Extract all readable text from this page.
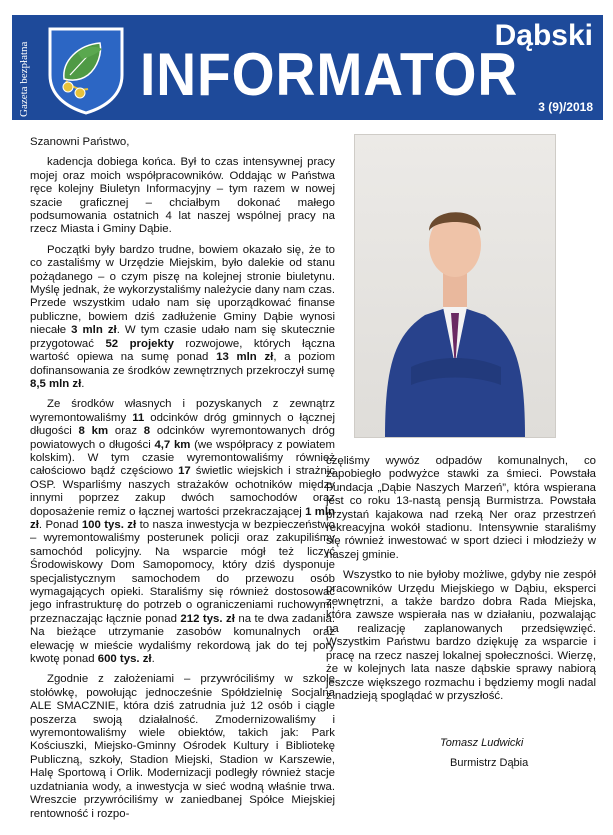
Gazeta bezpłatna
Dąbski
INFORMATOR 3 (9)/2018

Szanowni Państwo,

kadencja dobiega końca. Był to czas intensywnej pracy mojej oraz moich współpracowników. Oddając w Państwa ręce kolejny Biuletyn Informacyjny – tym razem w nowej szacie graficznej – chciałbym dokonać małego podsumowania ostatnich 4 lat naszej wspólnej pracy na rzecz Miasta i Gminy Dąbie.

Początki były bardzo trudne, bowiem okazało się, że to co zastaliśmy w Urzędzie Miejskim, było dalekie od stanu pożądanego – o czym piszę na kolejnej stronie biuletynu. Myślę jednak, że wykorzystaliśmy należycie dany nam czas. Przede wszystkim udało nam się uporządkować finanse publiczne, bowiem dziś zadłużenie Gminy Dąbie wynosi niecałe 3 mln zł. W tym czasie udało nam się skutecznie przygotować 52 projekty rozwojowe, których łączna wartość opiewa na sumę ponad 13 mln zł, a poziom dofinansowania ze środków zewnętrznych przekroczył sumę 8,5 mln zł.

Ze środków własnych i pozyskanych z zewnątrz wyremontowaliśmy 11 odcinków dróg gminnych o łącznej długości 8 km oraz 8 odcinków wyremontowanych dróg powiatowych o długości 4,7 km (we współpracy z powiatem kolskim). W tym czasie wyremontowaliśmy również całościowo bądź częściowo 17 świetlic wiejskich i strażnic OSP. Wsparliśmy naszych strażaków ochotników między innymi poprzez zakup dwóch samochodów oraz doposażenie remiz o łącznej wartości przekraczającej 1 mln zł. Ponad 100 tys. zł to nasza inwestycja w bezpieczeństwo – wyremontowaliśmy posterunek policji oraz zakupiliśmy samochód policyjny. Na wsparcie mógł też liczyć Środowiskowy Dom Samopomocy, który dziś dysponuje specjalistycznym samochodem do przewozu osób wymagających opieki. Staraliśmy się również dostosować jego infrastrukturę do potrzeb o ograniczeniami ruchowymi, przeznaczając łącznie ponad 212 tys. zł na te dwa zadania. Na bieżące utrzymanie zasobów komunalnych oraz elewację w mieście wydaliśmy rekordową jak do tej pory kwotę ponad 600 tys. zł.

Zgodnie z założeniami – przywróciliśmy w szkole stołówkę, powołując jednocześnie Spółdzielnię Socjalną ALE SMACZNIE, która dziś zatrudnia już 12 osób i ciągle poszerza swoją działalność. Zmodernizowaliśmy i wyremontowaliśmy wiele obiektów, takich jak: Park Kościuszki, Miejsko-Gminny Ośrodek Kultury i Bibliotekę Publiczną, szkoły, Stadion Miejski, Stadion w Karszewie, Halę Sportową i Orlik. Modernizacji podległy również stacje uzdatniania wody, a inwestycja w sieć wodną właśnie trwa. Wreszcie przywróciliśmy w zaniedbanej Spółce Miejskiej rentowność i rozpo-

częliśmy wywóz odpadów komunalnych, co zapobiegło podwyżce stawki za śmieci. Powstała Fundacja „Dąbie Naszych Marzeń”, która wspierana jest co roku 13-nastą pensją Burmistrza. Powstała przystań kajakowa nad rzeką Ner oraz przestrzeń rekreacyjna wokół stadionu. Intensywnie staraliśmy się również inwestować w sport dzieci i młodzieży w naszej gminie.

Wszystko to nie byłoby możliwe, gdyby nie zespół pracowników Urzędu Miejskiego w Dąbiu, eksperci zewnętrzni, a także bardzo dobra Rada Miejska, która zawsze wspierała nas w działaniu, pozwalając na realizację zaplanowanych przedsięwzięć. Wszystkim Państwu bardzo dziękuję za wsparcie i pracę na rzecz naszej lokalnej społeczności. Wierzę, że w kolejnych lata nasze dąbskie sprawy nabiorą jeszcze większego rozmachu i będziemy mogli nadal z nadzieją spoglądać w przyszłość.

Tomasz Ludwicki
Burmistrz Dąbia
